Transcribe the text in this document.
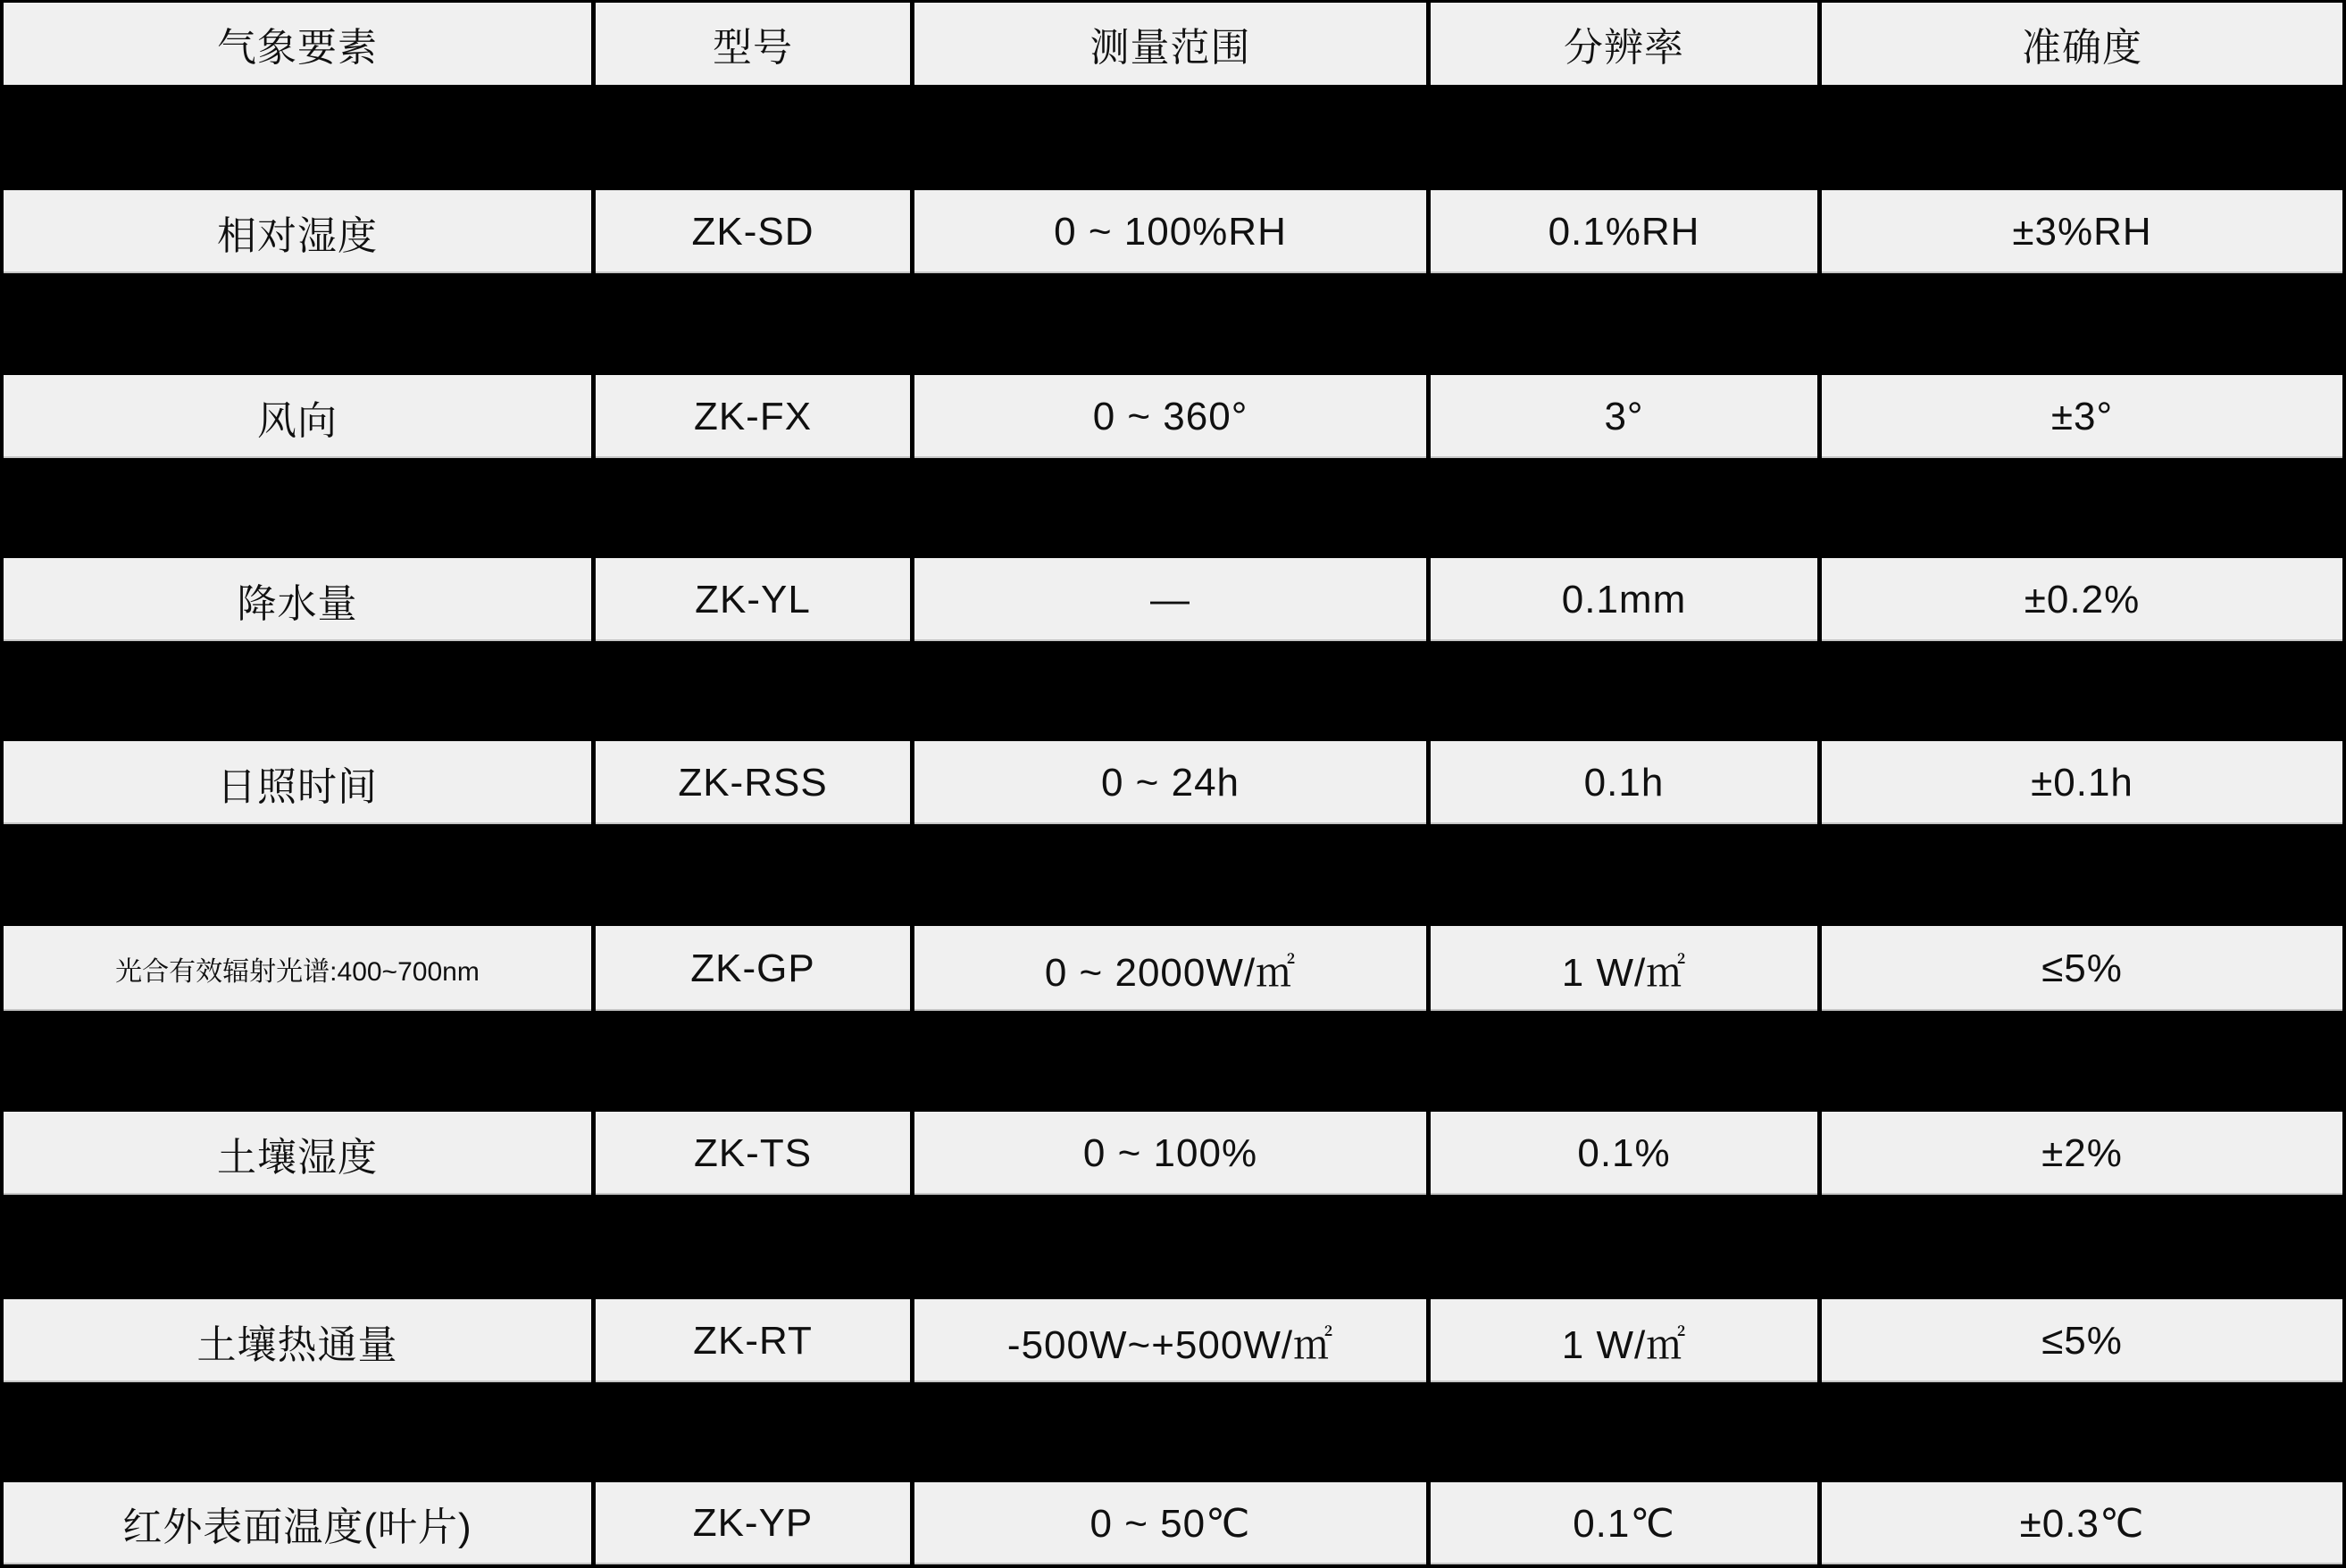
气象要素	型号	测量范围	分辨率	准确度
相对湿度	ZK-SD	0 ~ 100%RH	0.1%RH	±3%RH
风向	ZK-FX	0 ~ 360°	3°	±3°
降水量	ZK-YL	—	0.1mm	±0.2%
日照时间	ZK-RSS	0 ~ 24h	0.1h	±0.1h
光合有效辐射光谱:400~700nm	ZK-GP	0 ~ 2000W/㎡	1 W/㎡	≤5%
土壤湿度	ZK-TS	0 ~ 100%	0.1%	±2%
土壤热通量	ZK-RT	-500W~+500W/㎡	1 W/㎡	≤5%
红外表面温度(叶片)	ZK-YP	0 ~ 50℃	0.1℃	±0.3℃
